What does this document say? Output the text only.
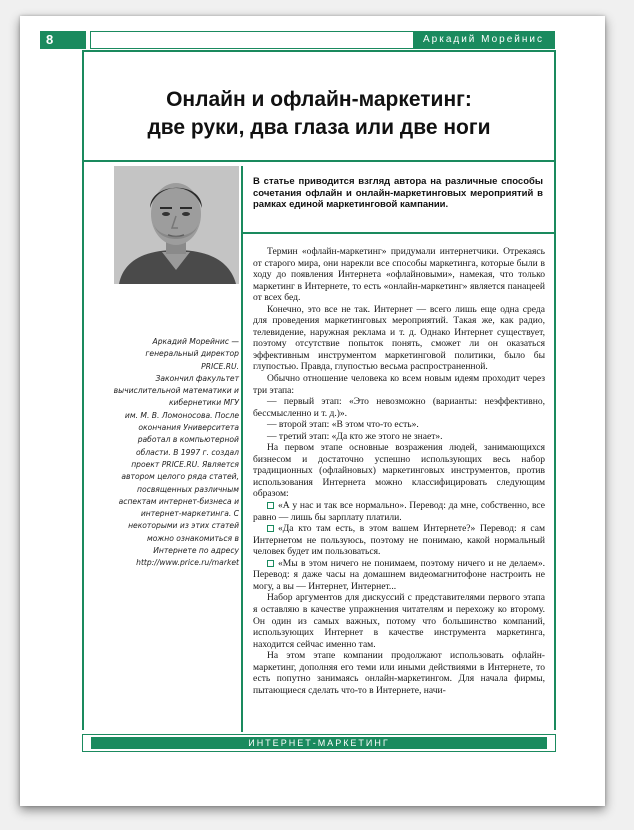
8	Аркадий Морейнис
Онлайн и офлайн-маркетинг:
две руки, два глаза или две ноги
Аркадий Морейнис —
генеральный директор
PRICE.RU.
Закончил факультет
вычислительной математики и
кибернетики МГУ
им. М. В. Ломоносова. После
окончания Университета
работал в компьютерной
области. В 1997 г. создал
проект PRICE.RU. Является
автором целого ряда статей,
посвященных различным
аспектам интернет-бизнеса и
интернет-маркетинга. С
некоторыми из этих статей
можно ознакомиться в
Интернете по адресу
http://www.price.ru/market

В статье приводится взгляд автора на различные способы сочетания офлайн и онлайн-маркетинговых мероприятий в рамках единой маркетинговой кампании.

Термин «офлайн-маркетинг» придумали интернетчики. Отрекаясь от старого мира, они нарекли все способы маркетинга, которые были в ходу до появления Интернета «офлайновыми», намекая, что только маркетинг в Интернете, то есть «онлайн-маркетинг» является панацеей от всех бед.

Конечно, это все не так. Интернет — всего лишь еще одна среда для проведения маркетинговых мероприятий. Такая же, как радио, телевидение, наружная реклама и т. д. Однако Интернет существует, поэтому отсутствие попыток понять, сможет ли он оказаться эффективным инструментом маркетинговой политики, было бы глупостью. Правда, глупостью весьма распространенной.

Обычно отношение человека ко всем новым идеям проходит через три этапа:

— первый этап: «Это невозможно (варианты: неэффективно, бессмысленно и т. д.)».

— второй этап: «В этом что-то есть».

— третий этап: «Да кто же этого не знает».

На первом этапе основные возражения людей, занимающихся бизнесом и достаточно успешно использующих весь набор традиционных (офлайновых) маркетинговых инструментов, против использования Интернета можно классифицировать следующим образом:

«А у нас и так все нормально». Перевод: да мне, собственно, все равно — лишь бы зарплату платили.

«Да кто там есть, в этом вашем Интернете?» Перевод: я сам Интернетом не пользуюсь, поэтому не понимаю, какой нормальный человек будет им пользоваться.

«Мы в этом ничего не понимаем, поэтому ничего и не делаем». Перевод: я даже часы на домашнем видеомагнитофоне настроить не могу, а вы — Интернет, Интернет...

Набор аргументов для дискуссий с представителями первого этапа я оставляю в качестве упражнения читателям и перехожу ко второму. Он один из самых важных, потому что большинство компаний, использующих Интернет в качестве инструмента маркетинга, находится сейчас именно там.

На этом этапе компании продолжают использовать офлайн-маркетинг, дополняя его теми или иными действиями в Интернете, то есть попутно занимаясь онлайн-маркетингом. Для начала фирмы, пытающиеся сделать что-то в Интернете, начи-

ИНТЕРНЕТ-МАРКЕТИНГ
